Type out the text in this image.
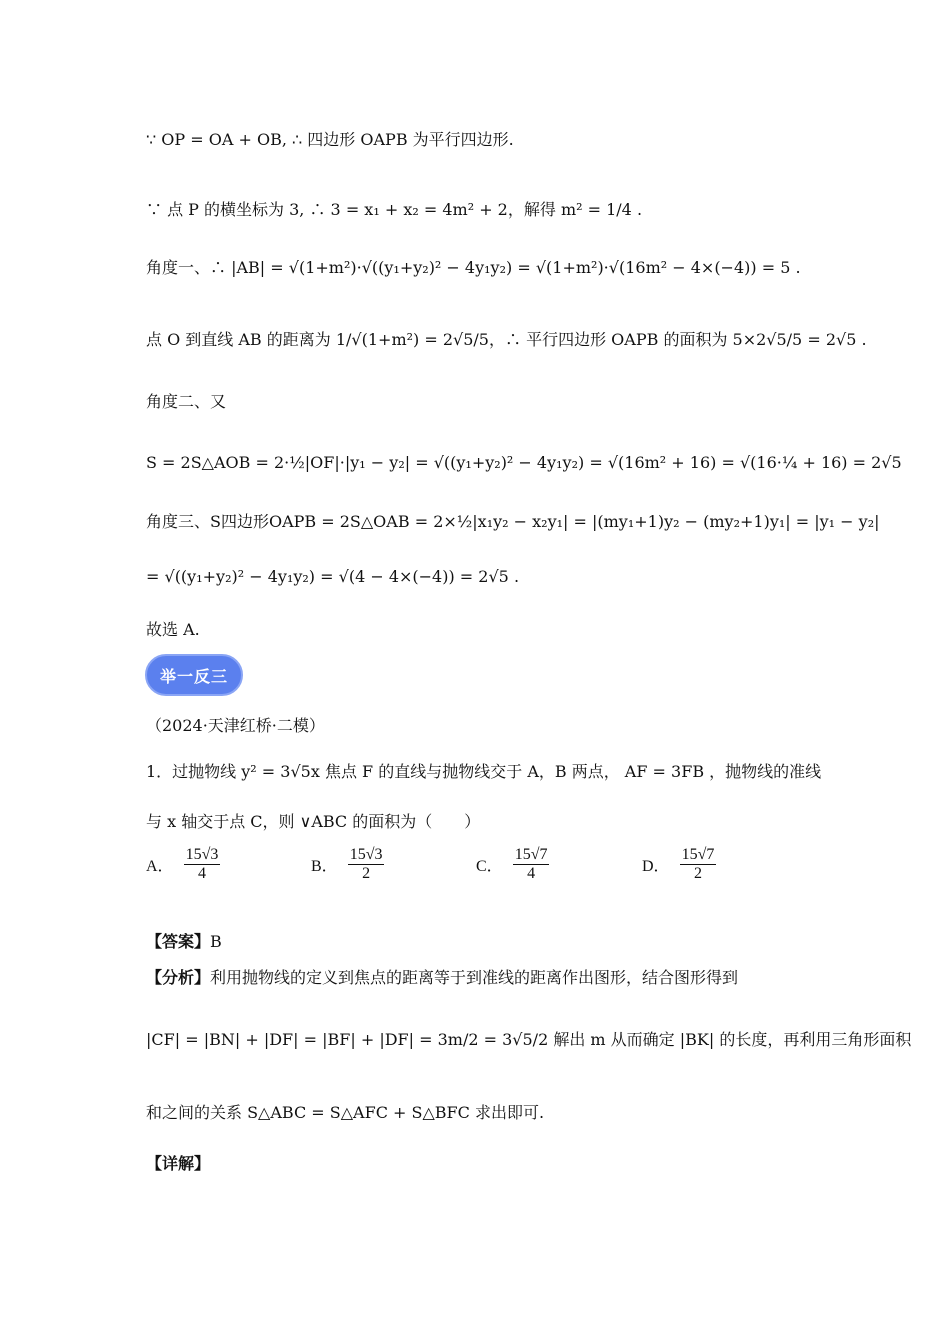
∵ OP = OA + OB, ∴ 四边形 OAPB 为平行四边形.
∵ 点 P 的横坐标为 3, ∴ 3 = x₁ + x₂ = 4m² + 2，解得 m² = 1/4 .
角度一、∴ |AB| = √(1+m²)·√((y₁+y₂)² − 4y₁y₂) = √(1+m²)·√(16m² − 4×(−4)) = 5 .
点 O 到直线 AB 的距离为 1/√(1+m²) = 2√5/5，∴ 平行四边形 OAPB 的面积为 5×2√5/5 = 2√5 .
角度二、又
S = 2S△AOB = 2·½|OF|·|y₁ − y₂| = √((y₁+y₂)² − 4y₁y₂) = √(16m² + 16) = √(16·¼ + 16) = 2√5
角度三、S四边形OAPB = 2S△OAB = 2×½|x₁y₂ − x₂y₁| = |(my₁+1)y₂ − (my₂+1)y₁| = |y₁ − y₂|
= √((y₁+y₂)² − 4y₁y₂) = √(4 − 4×(−4)) = 2√5 .
故选 A.
举一反三
（2024·天津红桥·二模）
1．过抛物线 y² = 3√5x 焦点 F 的直线与抛物线交于 A，B 两点， AF = 3FB ，抛物线的准线
与 x 轴交于点 C，则 ∨ABC 的面积为（　　）
A． $\frac{15√3}{4}$	B． $\frac{15√3}{2}$	C． $\frac{15√7}{4}$	D． $\frac{15√7}{2}$
【答案】B
【分析】利用抛物线的定义到焦点的距离等于到准线的距离作出图形，结合图形得到
|CF| = |BN| + |DF| = |BF| + |DF| = 3m/2 = 3√5/2 解出 m 从而确定 |BK| 的长度，再利用三角形面积
和之间的关系 S△ABC = S△AFC + S△BFC 求出即可.
【详解】
